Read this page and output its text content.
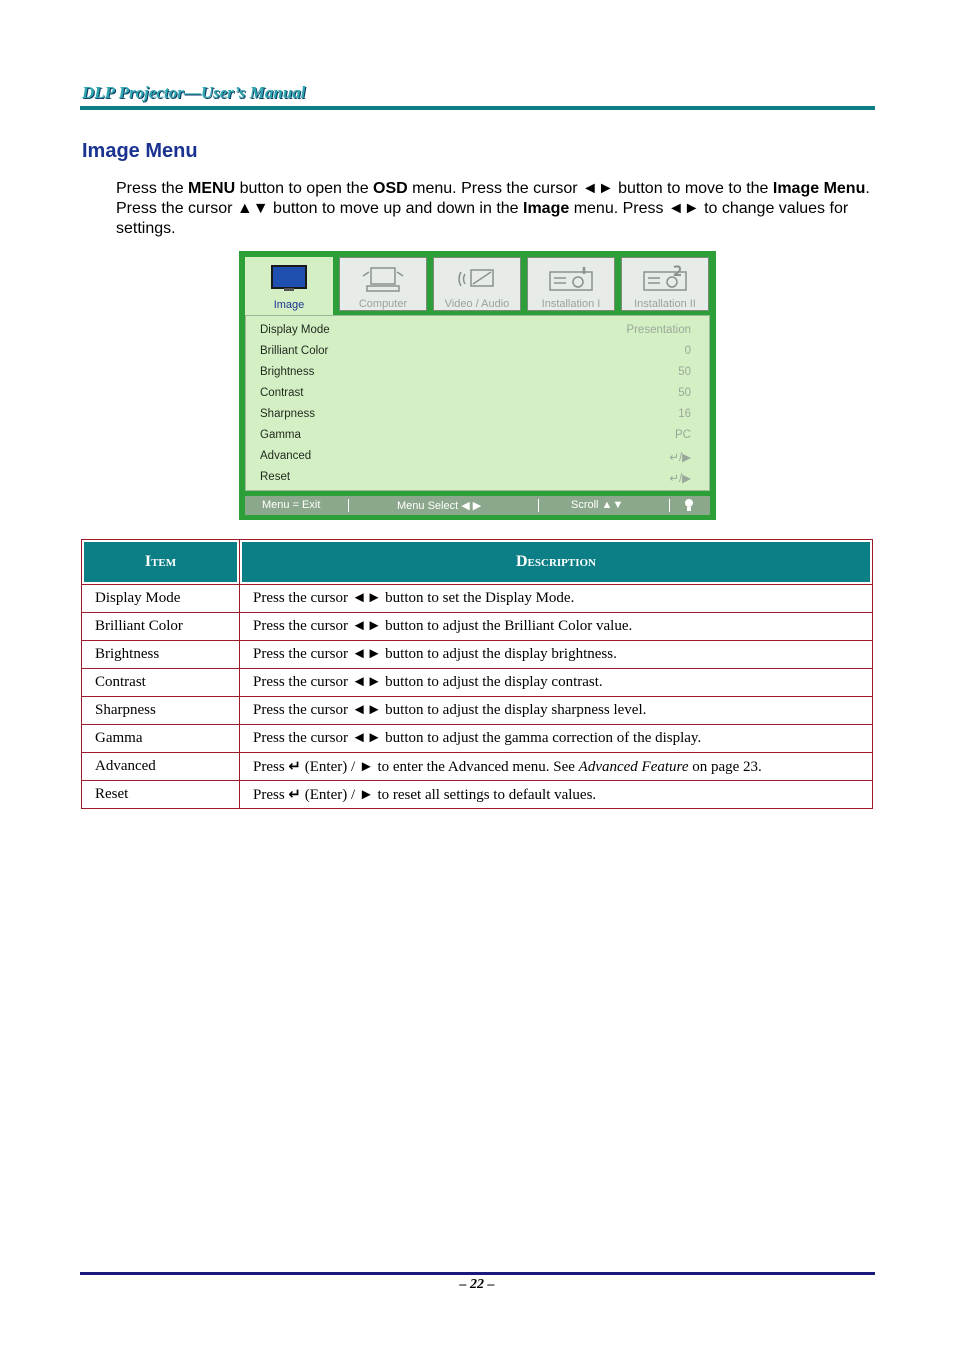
DLP Projector—User’s Manual
Image Menu

Press the MENU button to open the OSD menu. Press the cursor ◄► button to move to the Image Menu. Press the cursor ▲▼ button to move up and down in the Image menu. Press ◄► to change values for settings.

Image	Computer	Video / Audio	Installation I	Installation II
Display Mode	Presentation
Brilliant Color	0
Brightness	50
Contrast	50
Sharpness	16
Gamma	PC
Advanced	↵/▶
Reset	↵/▶
Menu = Exit	Menu Select ◀ ▶	Scroll ▲▼
Item	Description
Display Mode	Press the cursor ◄► button to set the Display Mode.
Brilliant Color	Press the cursor ◄► button to adjust the Brilliant Color value.
Brightness	Press the cursor ◄► button to adjust the display brightness.
Contrast	Press the cursor ◄► button to adjust the display contrast.
Sharpness	Press the cursor ◄► button to adjust the display sharpness level.
Gamma	Press the cursor ◄► button to adjust the gamma correction of the display.
Advanced	Press ↵ (Enter) / ► to enter the Advanced menu. See Advanced Feature on page 23.
Reset	Press ↵ (Enter) / ► to reset all settings to default values.
– 22 –
